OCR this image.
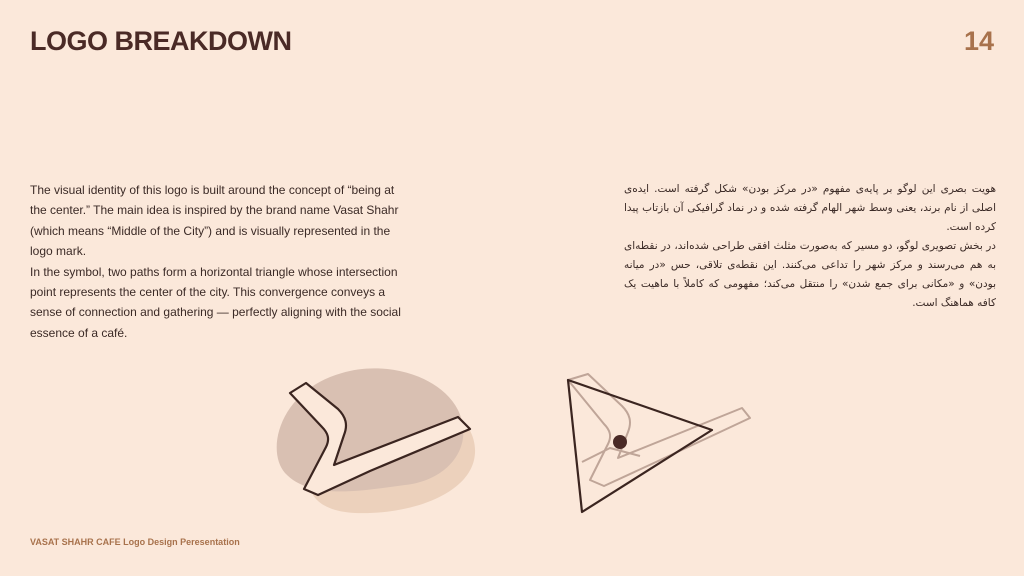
LOGO BREAKDOWN	14

The visual identity of this logo is built around the concept of “being at the center.” The main idea is inspired by the brand name Vasat Shahr (which means “Middle of the City”) and is visually represented in the logo mark.

In the symbol, two paths form a horizontal triangle whose intersection point represents the center of the city. This convergence conveys a sense of connection and gathering — perfectly aligning with the social essence of a café.

هویت بصری این لوگو بر پایه‌ی مفهوم «در مرکز بودن» شکل گرفته است. ایده‌ی اصلی از نام برند، یعنی وسط شهر الهام گرفته شده و در نماد گرافیکی آن بازتاب پیدا کرده است.

در بخش تصویری لوگو، دو مسیر که به‌صورت مثلث افقی طراحی شده‌اند، در نقطه‌ای به هم می‌رسند و مرکز شهر را تداعی می‌کنند. این نقطه‌ی تلاقی، حس «در میانه بودن» و «مکانی برای جمع شدن» را منتقل می‌کند؛ مفهومی که کاملاً با ماهیت یک کافه هماهنگ است.

VASAT SHAHR CAFE Logo Design Peresentation
